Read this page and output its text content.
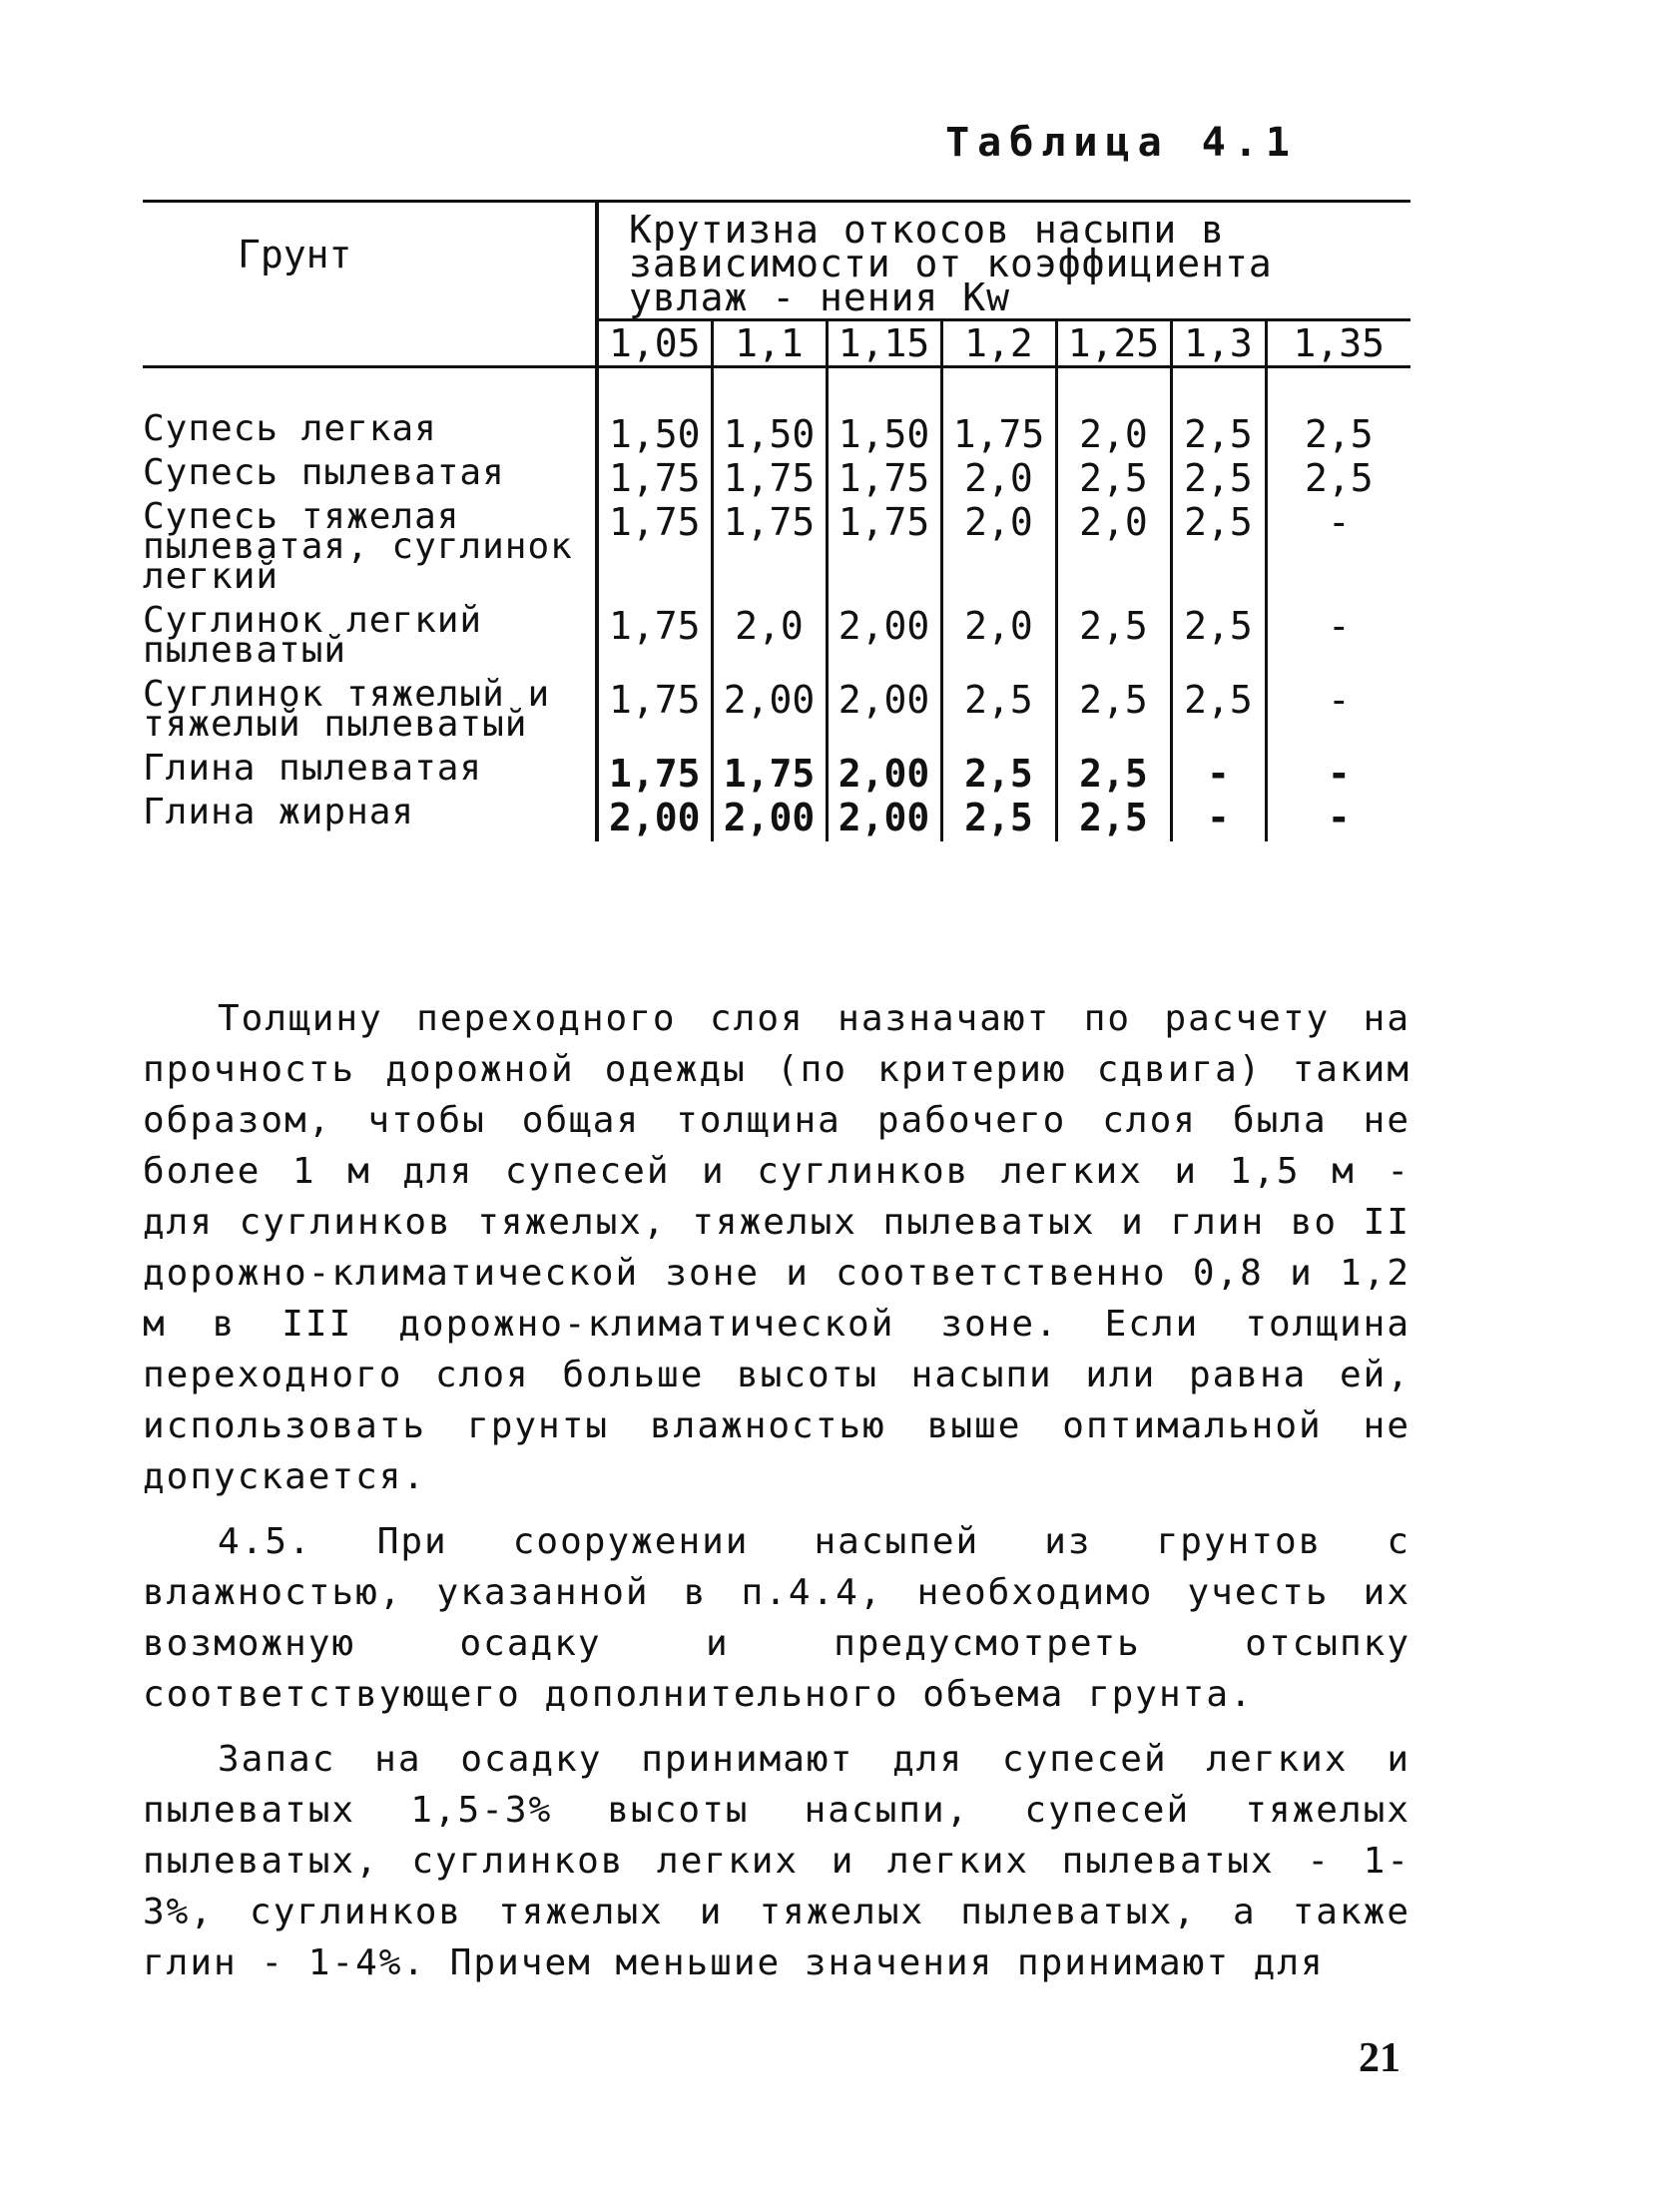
Таблица 4.1
Грунт	Крутизна откосов насыпи в зависимости от коэффициента увлаж - нения Kw						
	1,05	1,1	1,15	1,2	1,25	1,3	1,35

Супесь легкая	1,50	1,50	1,50	1,75	2,0	2,5	2,5
Супесь пылеватая	1,75	1,75	1,75	2,0	2,5	2,5	2,5
Супесь тяжелая пылеватая, суглинок легкий	1,75	1,75	1,75	2,0	2,0	2,5	-
Суглинок легкий пылеватый	1,75	2,0	2,00	2,0	2,5	2,5	-
Суглинок тяжелый и тяжелый пылеватый	1,75	2,00	2,00	2,5	2,5	2,5	-
Глина пылеватая	1,75	1,75	2,00	2,5	2,5	-	-
Глина жирная	2,00	2,00	2,00	2,5	2,5	-	-

Толщину переходного слоя назначают по расчету на прочность дорожной одежды (по критерию сдвига) таким образом, чтобы общая толщина рабочего слоя была не более 1 м для супесей и суглинков легких и 1,5 м - для суглинков тяжелых, тяжелых пылеватых и глин во II дорожно-климатической зоне и соответственно 0,8 и 1,2 м в III дорожно-климатической зоне. Если толщина переходного слоя больше высоты насыпи или равна ей, использовать грунты влажностью выше оптимальной не допускается.

4.5. При сооружении насыпей из грунтов с влажностью, указанной в п.4.4, необходимо учесть их возможную осадку и предусмотреть отсыпку соответствующего дополнительного объема грунта.

Запас на осадку принимают для супесей легких и пылеватых 1,5-3% высоты насыпи, супесей тяжелых пылеватых, суглинков легких и легких пылеватых - 1-3%, суглинков тяжелых и тяжелых пылеватых, а также глин - 1-4%. Причем меньшие значения принимают для

21
